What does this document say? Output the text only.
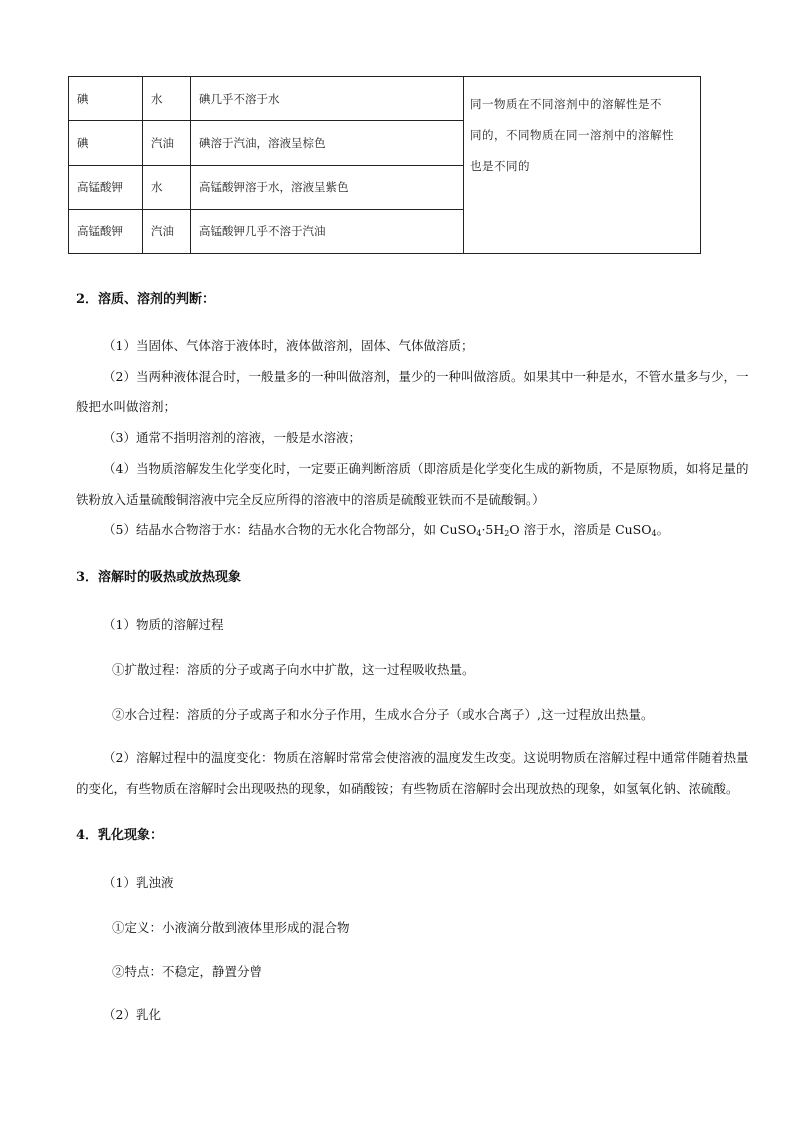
碘	水	碘几乎不溶于水	同一物质在不同溶剂中的溶解性是不
同的，不同物质在同一溶剂中的溶解性
也是不同的

碘	汽油	碘溶于汽油，溶液呈棕色	
高锰酸钾	水	高锰酸钾溶于水，溶液呈紫色	
高锰酸钾	汽油	高锰酸钾几乎不溶于汽油	
2．溶质、溶剂的判断：
（1）当固体、气体溶于液体时，液体做溶剂，固体、气体做溶质；
（2）当两种液体混合时，一般量多的一种叫做溶剂，量少的一种叫做溶质。如果其中一种是水，不管水量多与少，一
般把水叫做溶剂；
（3）通常不指明溶剂的溶液，一般是水溶液；
（4）当物质溶解发生化学变化时，一定要正确判断溶质（即溶质是化学变化生成的新物质，不是原物质，如将足量的
铁粉放入适量硫酸铜溶液中完全反应所得的溶液中的溶质是硫酸亚铁而不是硫酸铜。）
（5）结晶水合物溶于水：结晶水合物的无水化合物部分，如 CuSO4·5H2O 溶于水，溶质是 CuSO4。
3．溶解时的吸热或放热现象
（1）物质的溶解过程
①扩散过程：溶质的分子或离子向水中扩散，这一过程吸收热量。
②水合过程：溶质的分子或离子和水分子作用，生成水合分子（或水合离子）,这一过程放出热量。
（2）溶解过程中的温度变化：物质在溶解时常常会使溶液的温度发生改变。这说明物质在溶解过程中通常伴随着热量
的变化，有些物质在溶解时会出现吸热的现象，如硝酸铵；有些物质在溶解时会出现放热的现象，如氢氧化钠、浓硫酸。
4．乳化现象：
（1）乳浊液
①定义：小液滴分散到液体里形成的混合物
②特点：不稳定，静置分曾
（2）乳化
